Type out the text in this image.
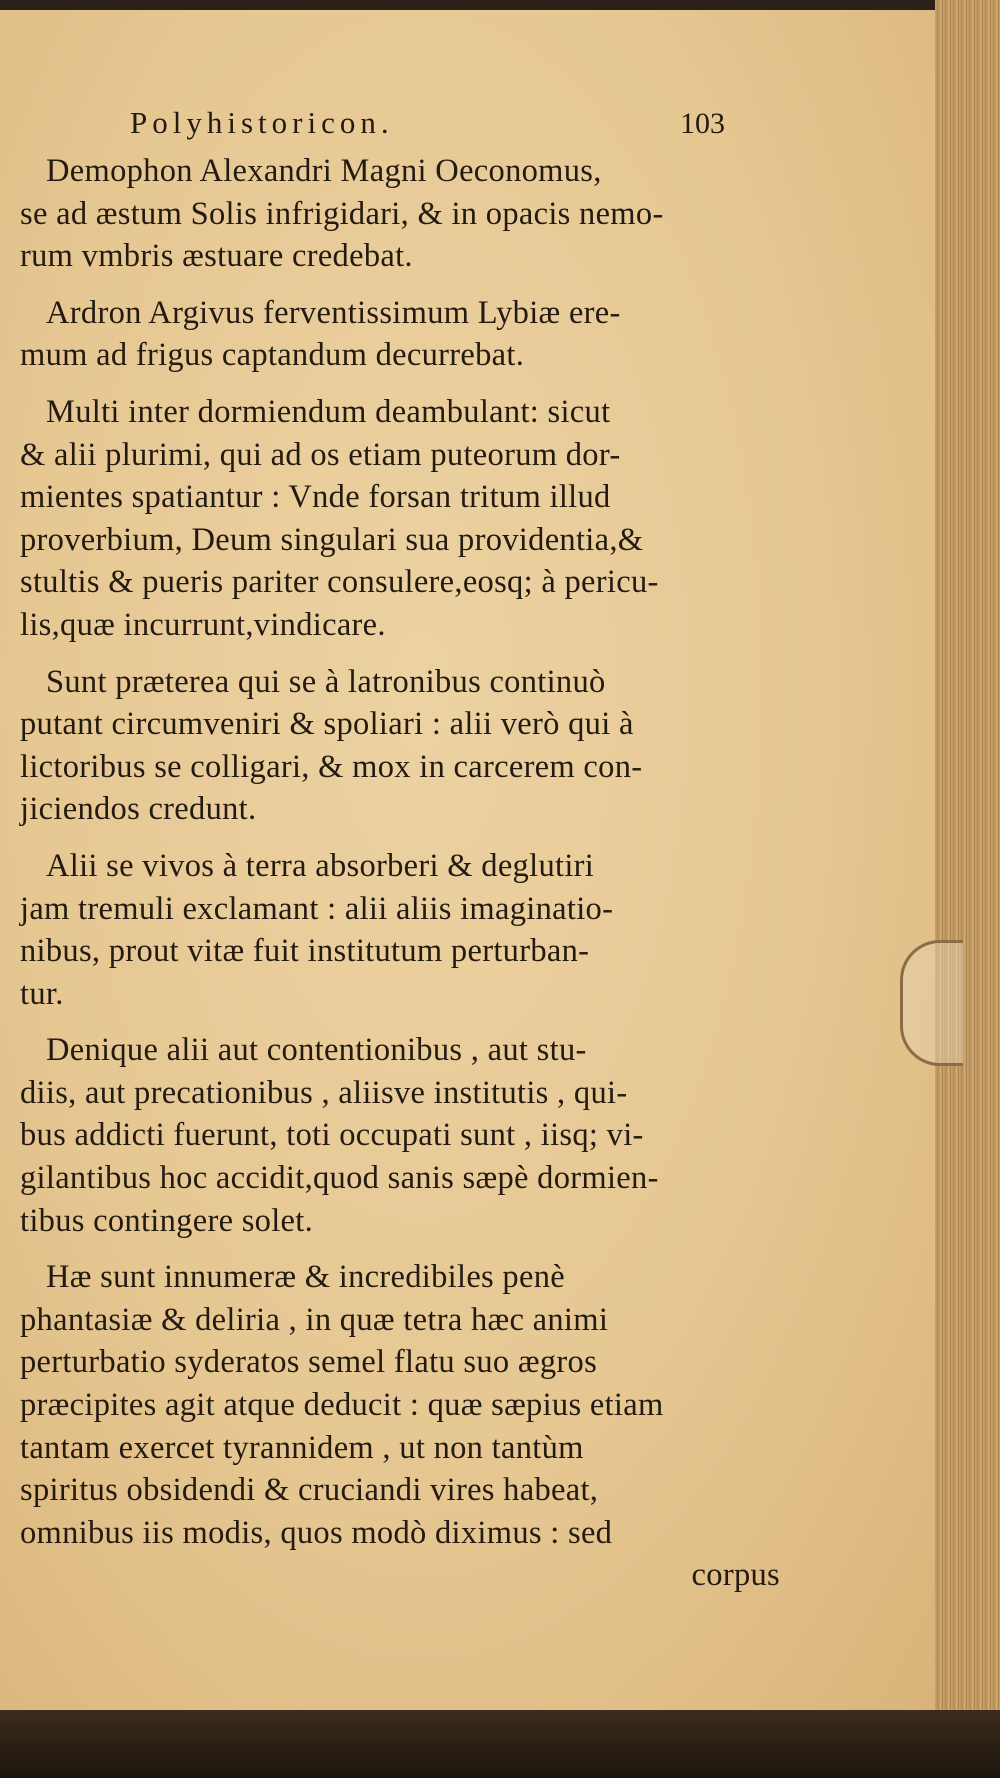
Polyhistoricon.	103
Demophon Alexandri Magni Oeconomus,
se ad æstum Solis infrigidari, & in opacis nemo-
rum vmbris æstuare credebat.
Ardron Argivus ferventissimum Lybiæ ere-
mum ad frigus captandum decurrebat.
Multi inter dormiendum deambulant: sicut
& alii plurimi, qui ad os etiam puteorum dor-
mientes spatiantur : Vnde forsan tritum illud
proverbium, Deum singulari sua providentia,&
stultis & pueris pariter consulere,eosq; à pericu-
lis,quæ incurrunt,vindicare.
Sunt præterea qui se à latronibus continuò
putant circumveniri & spoliari : alii verò qui à
lictoribus se colligari, & mox in carcerem con-
jiciendos credunt.
Alii se vivos à terra absorberi & deglutiri
jam tremuli exclamant : alii aliis imaginatio-
nibus, prout vitæ fuit institutum perturban-
tur.
Denique alii aut contentionibus , aut stu-
diis, aut precationibus , aliisve institutis , qui-
bus addicti fuerunt, toti occupati sunt , iisq; vi-
gilantibus hoc accidit,quod sanis sæpè dormien-
tibus contingere solet.
Hæ sunt innumeræ & incredibiles penè
phantasiæ & deliria , in quæ tetra hæc animi
perturbatio syderatos semel flatu suo ægros
præcipites agit atque deducit : quæ sæpius etiam
tantam exercet tyrannidem , ut non tantùm
spiritus obsidendi & cruciandi vires habeat,
omnibus iis modis, quos modò diximus : sed
corpus
